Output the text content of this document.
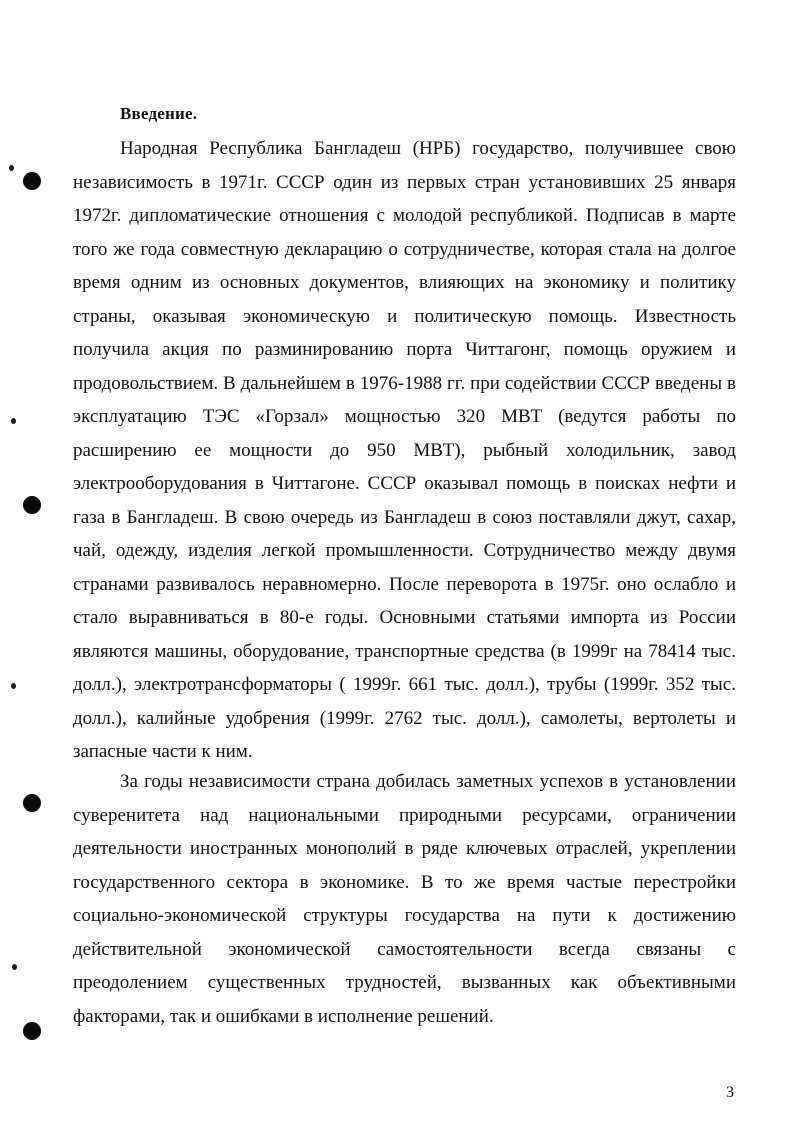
Введение.

Народная Республика Бангладеш (НРБ) государство, получившее свою независимость в 1971г. СССР один из первых стран установивших 25 января 1972г. дипломатические отношения с молодой республикой. Подписав в марте того же года совместную декларацию о сотрудничестве, которая стала на долгое время одним из основных документов, влияющих на экономику и политику страны, оказывая экономическую и политическую помощь. Известность получила акция по разминированию порта Читтагонг, помощь оружием и продовольствием. В дальнейшем в 1976-1988 гг. при содействии СССР введены в эксплуатацию ТЭС «Горзал» мощностью 320 МВТ (ведутся работы по расширению ее мощности до 950 МВТ), рыбный холодильник, завод электрооборудования в Читтагоне. СССР оказывал помощь в поисках нефти и газа в Бангладеш. В свою очередь из Бангладеш в союз поставляли джут, сахар, чай, одежду, изделия легкой промышленности. Сотрудничество между двумя странами развивалось неравномерно. После переворота в 1975г. оно ослабло и стало выравниваться в 80-е годы. Основными статьями импорта из России являются машины, оборудование, транспортные средства (в 1999г на 78414 тыс. долл.), электротрансформаторы ( 1999г. 661 тыс. долл.), трубы (1999г. 352 тыс. долл.), калийные удобрения (1999г. 2762 тыс. долл.), самолеты, вертолеты и запасные части к ним.

За годы независимости страна добилась заметных успехов в установлении суверенитета над национальными природными ресурсами, ограничении деятельности иностранных монополий в ряде ключевых отраслей, укреплении государственного сектора в экономике. В то же время частые перестройки социально-экономической структуры государства на пути к достижению действительной экономической самостоятельности всегда связаны с преодолением существенных трудностей, вызванных как объективными факторами, так и ошибками в исполнение решений.

3
